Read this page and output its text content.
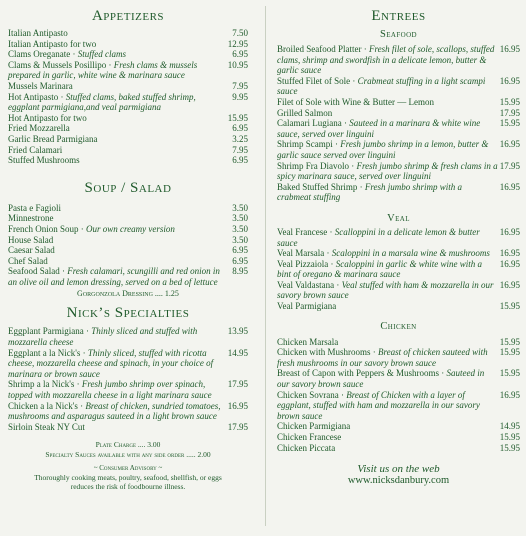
Appetizers
Italian Antipasto	7.50
Italian Antipasto for two	12.95
Clams Oreganate · Stuffed clams	6.95
Clams & Mussels Posillipo · Fresh clams & mussels prepared in garlic, white wine & marinara sauce
10.95
Mussels Marinara	7.95
Hot Antipasto · Stuffed clams, baked stuffed shrimp, eggplant parmigiana,and veal parmigiana
9.95
Hot Antipasto for two	15.95
Fried Mozzarella	6.95
Garlic Bread Parmigiana	3.25
Fried Calamari	7.95
Stuffed Mushrooms	6.95
Soup / Salad
Pasta e Fagioli	3.50
Minnestrone	3.50
French Onion Soup · Our own creamy version	3.50
House Salad	3.50
Caesar Salad	6.95
Chef Salad	6.95
Seafood Salad · Fresh calamari, scungilli and red onion in an olive oil and lemon dressing, served on a bed of lettuce
8.95
Gorgonzola Dressing .... 1.25
Nick’s Specialties
Eggplant Parmigiana · Thinly sliced and stuffed with mozzarella cheese
13.95
Eggplant a la Nick's · Thinly sliced, stuffed with ricotta cheese, mozzarella cheese and spinach, in your choice of marinara or brown sauce
14.95
Shrimp a la Nick's · Fresh jumbo shrimp over spinach, topped with mozzarella cheese in a light marinara sauce
17.95
Chicken a la Nick's · Breast of chicken, sundried tomatoes, mushrooms and asparagus sauteed in a light brown sauce
16.95
Sirloin Steak NY Cut	17.95
Plate Charge .... 3.00
Specialty Sauces available with any side order ..... 2.00
~ Consumer Advisory ~
Thoroughly cooking meats, poultry, seafood, shellfish, or eggs reduces the risk of foodbourne illness.
Entrees
Seafood
Broiled Seafood Platter · Fresh filet of sole, scallops, stuffed clams, shrimp and swordfish in a delicate lemon, butter & garlic sauce
16.95
Stuffed Filet of Sole · Crabmeat stuffing in a light scampi sauce
16.95
Filet of Sole with Wine & Butter — Lemon	15.95
Grilled Salmon	17.95
Calamari Lugiana · Sauteed in a marinara & white wine sauce, served over linguini
15.95
Shrimp Scampi · Fresh jumbo shrimp in a lemon, butter & garlic sauce served over linguini
16.95
Shrimp Fra Diavolo · Fresh jumbo shrimp & fresh clams in a spicy marinara sauce, served over linguini
17.95
Baked Stuffed Shrimp · Fresh jumbo shrimp with a crabmeat stuffing
16.95
Veal
Veal Francese · Scalloppini in a delicate lemon & butter sauce
16.95
Veal Marsala · Scaloppini in a marsala wine & mushrooms 16.95
Veal Pizzaiola · Scaloppini in garlic & white wine with a bint of oregano & marinara sauce
16.95
Veal Valdastana · Veal stuffed with ham & mozzarella in our savory brown sauce
16.95
Veal Parmigiana	15.95
Chicken
Chicken Marsala	15.95
Chicken with Mushrooms · Breast of chicken sauteed with fresh mushrooms in our savory brown sauce
15.95
Breast of Capon with Peppers & Mushrooms · Sauteed in our savory brown sauce
15.95
Chicken Sovrana · Breast of Chicken with a layer of eggplant, stuffed with ham and mozzarella in our savory brown sauce
16.95
Chicken Parmigiana	14.95
Chicken Francese	15.95
Chicken Piccata	15.95
Visit us on the web
www.nicksdanbury.com
